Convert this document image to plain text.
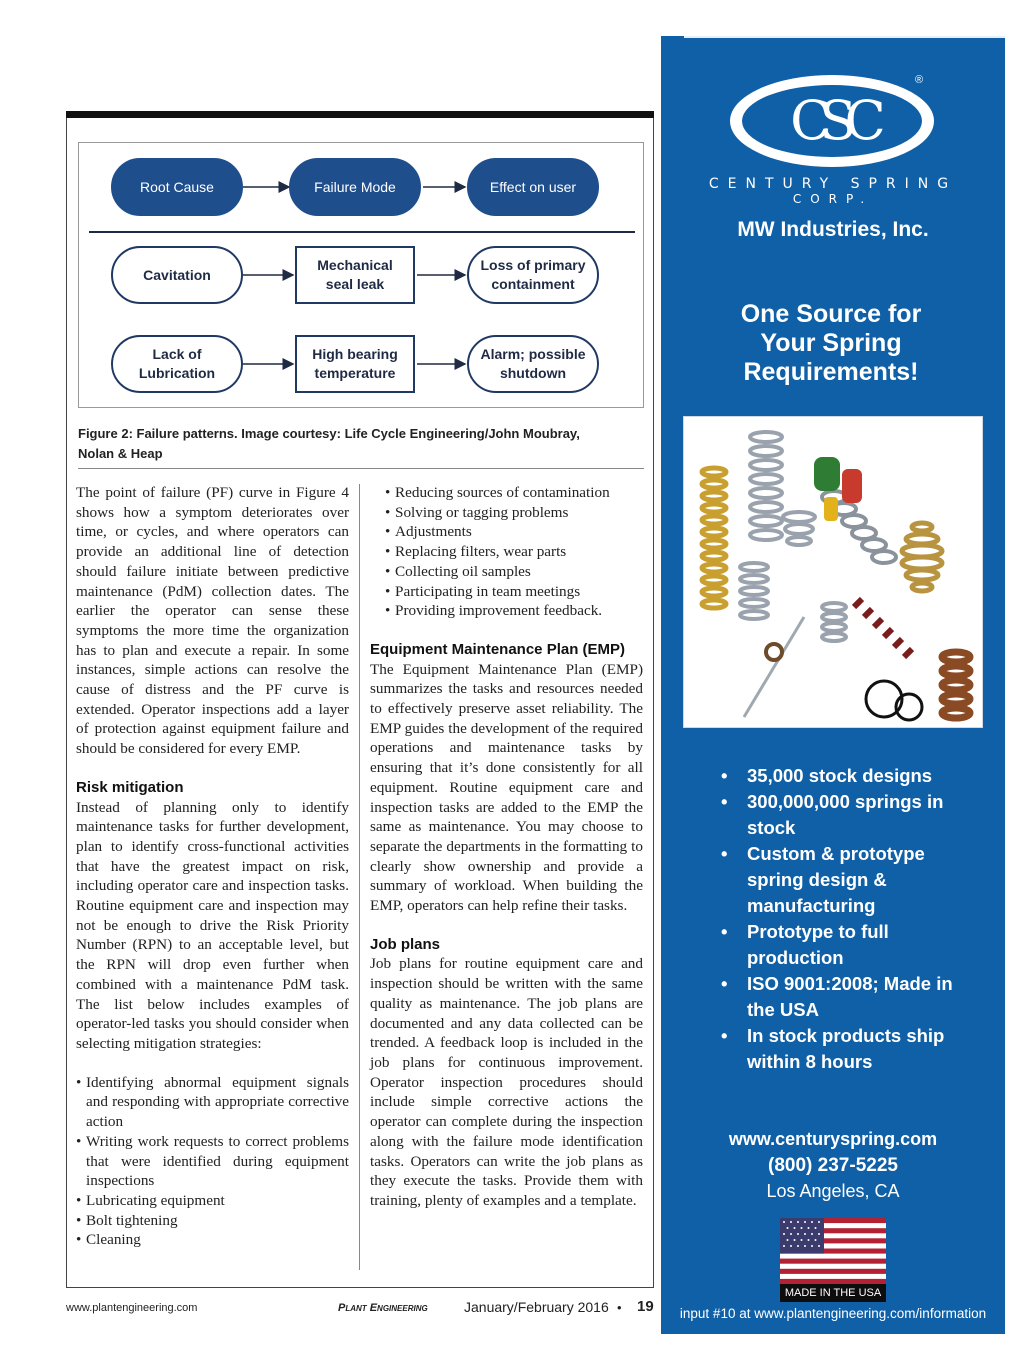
Root Cause	Failure Mode	Effect on user
Cavitation
Mechanical
seal leak
Loss of primary
containment
Lack of
Lubrication
High bearing
temperature
Alarm; possible
shutdown
Figure 2: Failure patterns. Image courtesy: Life Cycle Engineering/John Moubray,
Nolan & Heap

The point of failure (PF) curve in Figure 4 shows how a symptom deteriorates over time, or cycles, and where operators can provide an additional line of detection should failure initiate between predictive maintenance (PdM) collection dates. The earlier the operator can sense these symptoms the more time the organization has to plan and execute a repair. In some instances, simple actions can resolve the cause of distress and the PF curve is extended. Operator inspections add a layer of protection against equipment failure and should be considered for every EMP.

Risk mitigation

Instead of planning only to identify maintenance tasks for further development, plan to identify cross-functional activities that have the greatest impact on risk, including operator care and inspection tasks. Routine equipment care and inspection may not be enough to drive the Risk Priority Number (RPN) to an acceptable level, but the RPN will drop even further when combined with a maintenance PdM task. The list below includes examples of operator-led tasks you should consider when selecting mitigation strategies:

• Identifying abnormal equipment signals and responding with appropriate corrective action
• Writing work requests to correct problems that were identified during equipment inspections
• Lubricating equipment
• Bolt tightening
• Cleaning
• Reducing sources of contamination
• Solving or tagging problems
• Adjustments
• Replacing filters, wear parts
• Collecting oil samples
• Participating in team meetings
• Providing improvement feedback.
Equipment Maintenance Plan (EMP)

The Equipment Maintenance Plan (EMP) summarizes the tasks and resources needed to effectively preserve asset reliability. The EMP guides the development of the required operations and maintenance tasks by ensuring that it’s done consistently for all equipment. Routine equipment care and inspection tasks are added to the EMP the same as maintenance. You may choose to separate the departments in the formatting to clearly show ownership and provide a summary of workload. When building the EMP, operators can help refine their tasks.

Job plans

Job plans for routine equipment care and inspection should be written with the same quality as maintenance. The job plans are documented and any data collected can be trended. A feedback loop is included in the job plans for continuous improvement. Operator inspection procedures should include simple corrective actions the operator can complete during the inspection along with the failure mode identification tasks. Operators can write the job plans as they execute the tasks. Provide them with training, plenty of examples and a template.

www.plantengineering.com	Plant Engineering	January/February 2016 • 19
CSC
®
CENTURY SPRING
CORP.
MW Industries, Inc.
One Source for
Your Spring
Requirements!
• 35,000 stock designs
• 300,000,000 springs in stock
• Custom & prototype spring design & manufacturing
• Prototype to full production
• ISO 9001:2008; Made in the USA
• In stock products ship within 8 hours
www.centuryspring.com
(800) 237-5225
Los Angeles, CA
MADE IN THE USA
input #10 at www.plantengineering.com/information
